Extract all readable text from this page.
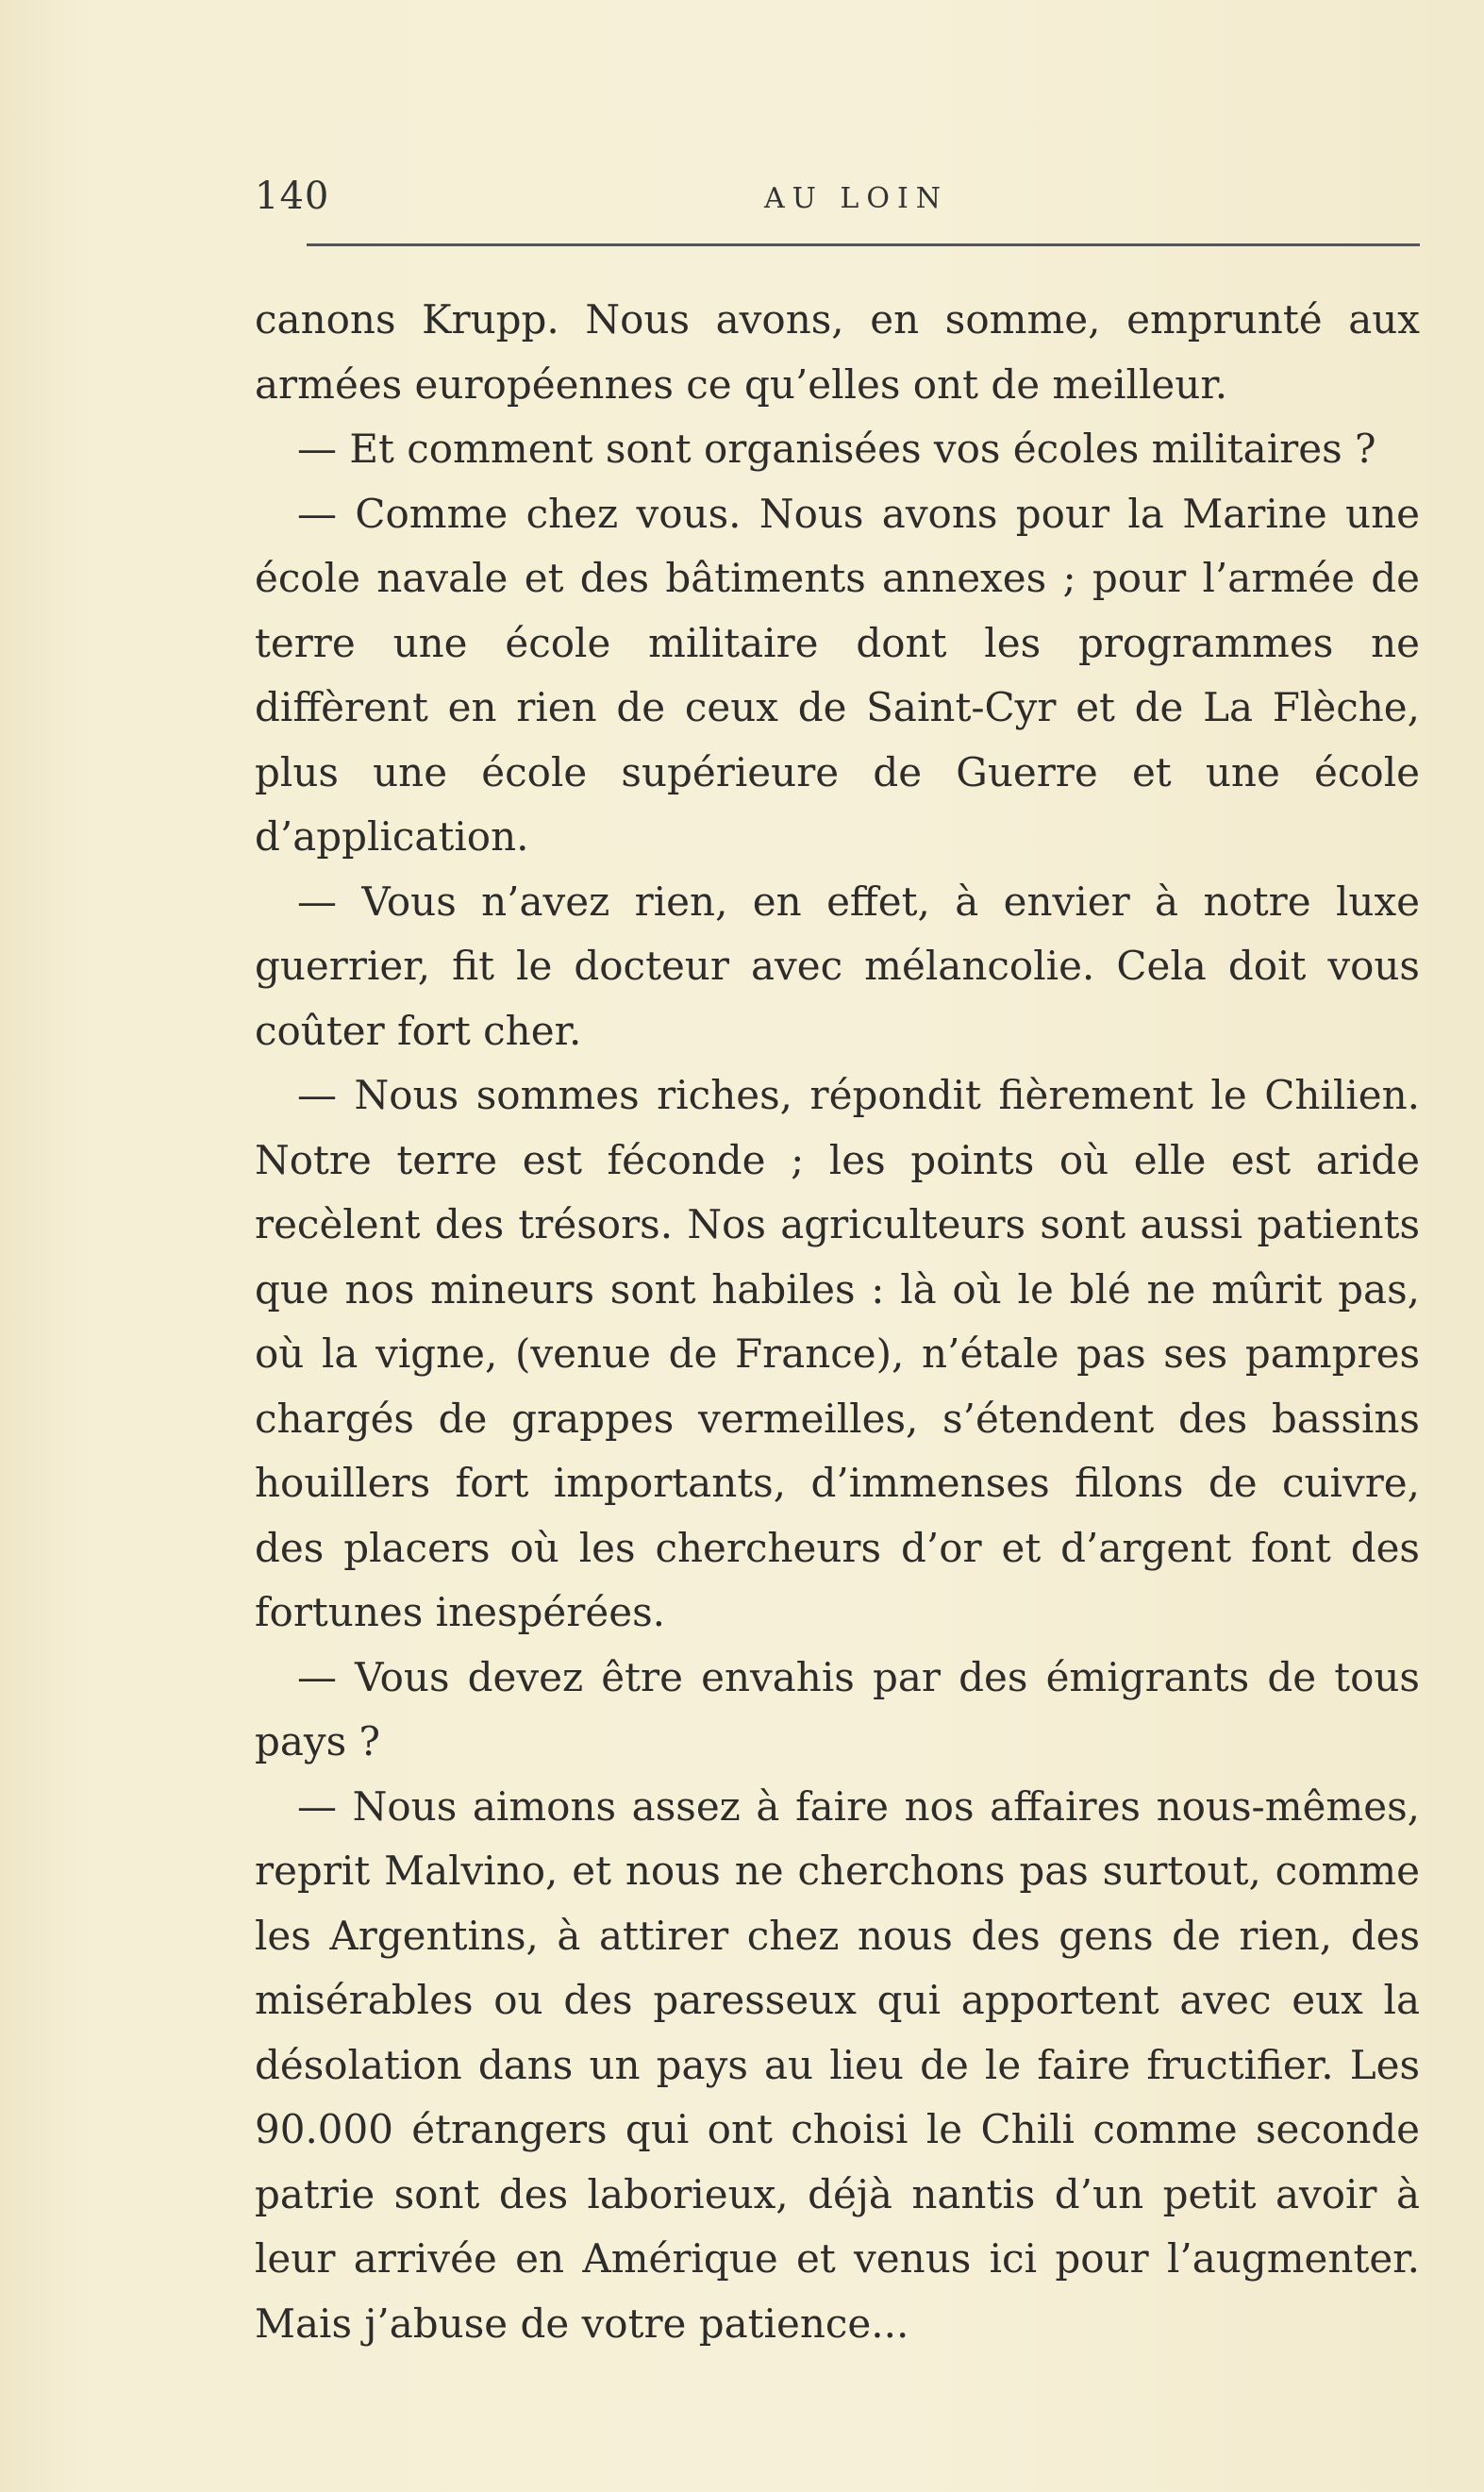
140	AU LOIN

canons Krupp. Nous avons, en somme, emprunté aux armées européennes ce qu’elles ont de meilleur.

— Et comment sont organisées vos écoles militaires ?

— Comme chez vous. Nous avons pour la Marine une école navale et des bâtiments annexes ; pour l’armée de terre une école militaire dont les programmes ne diffèrent en rien de ceux de Saint-Cyr et de La Flèche, plus une école supérieure de Guerre et une école d’application.

— Vous n’avez rien, en effet, à envier à notre luxe guerrier, fit le docteur avec mélancolie. Cela doit vous coûter fort cher.

— Nous sommes riches, répondit fièrement le Chilien. Notre terre est féconde ; les points où elle est aride recèlent des trésors. Nos agriculteurs sont aussi patients que nos mineurs sont habiles : là où le blé ne mûrit pas, où la vigne, (venue de France), n’étale pas ses pampres chargés de grappes vermeilles, s’étendent des bassins houillers fort importants, d’immenses filons de cuivre, des placers où les chercheurs d’or et d’argent font des fortunes inespérées.

— Vous devez être envahis par des émigrants de tous pays ?

— Nous aimons assez à faire nos affaires nous-mêmes, reprit Malvino, et nous ne cherchons pas surtout, comme les Argentins, à attirer chez nous des gens de rien, des misérables ou des paresseux qui apportent avec eux la désolation dans un pays au lieu de le faire fructifier. Les 90.000 étrangers qui ont choisi le Chili comme seconde patrie sont des laborieux, déjà nantis d’un petit avoir à leur arrivée en Amérique et venus ici pour l’augmenter. Mais j’abuse de votre patience...
